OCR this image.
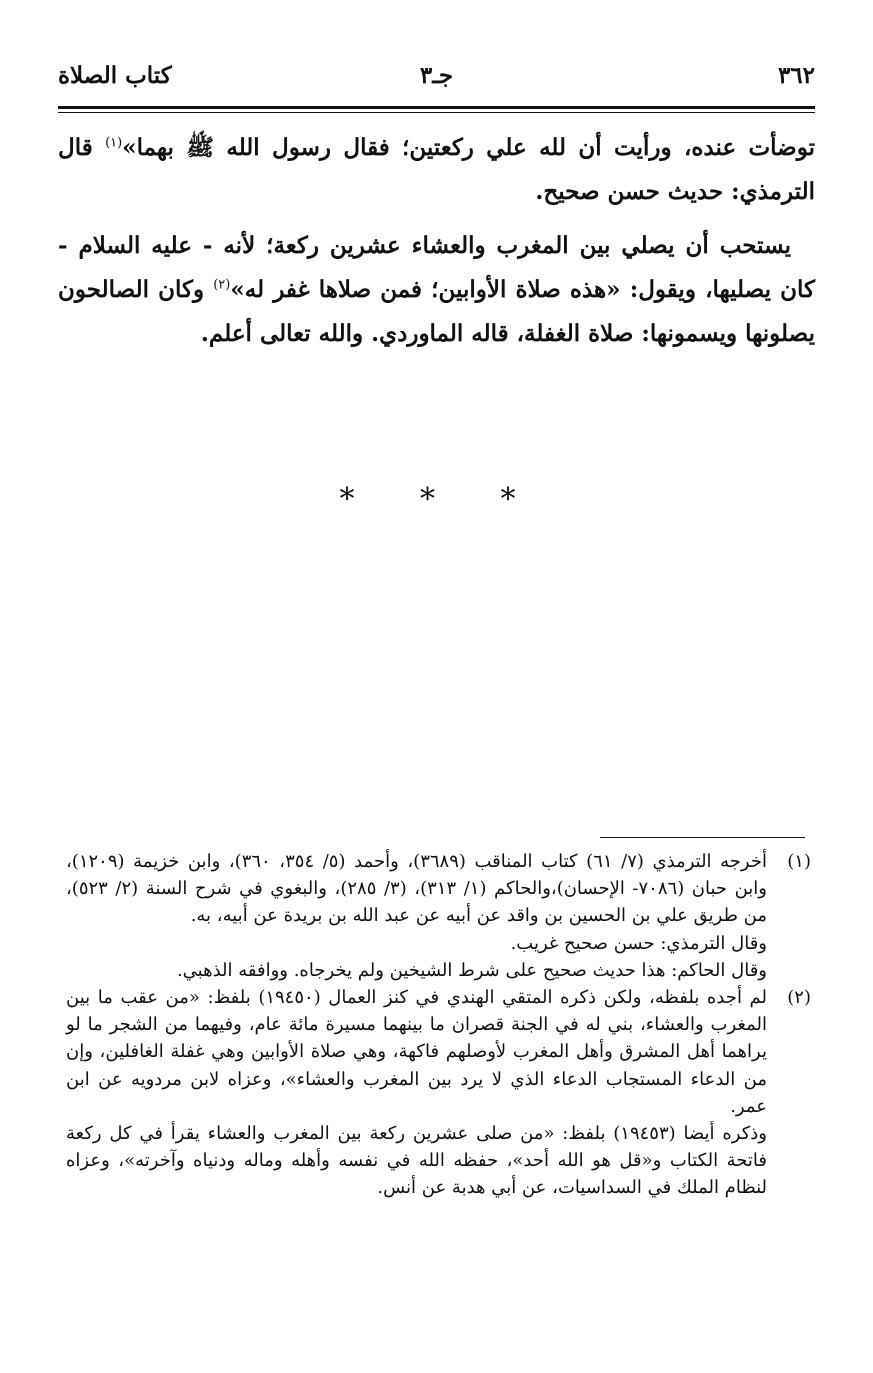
٣٦٢
جـ٣
كتاب الصلاة

توضأت عنده، ورأيت أن لله علي ركعتين؛ فقال رسول الله ﷺ بهما»$^{(١)}$ قال الترمذي: حديث حسن صحيح.

يستحب أن يصلي بين المغرب والعشاء عشرين ركعة؛ لأنه - عليه السلام - كان يصليها، ويقول: «هذه صلاة الأوابين؛ فمن صلاها غفر له»$^{(٢)}$ وكان الصالحون يصلونها ويسمونها: صلاة الغفلة، قاله الماوردي. والله تعالى أعلم.

* * *
(١)

أخرجه الترمذي (٧/ ٦١) كتاب المناقب (٣٦٨٩)، وأحمد (٥/ ٣٥٤، ٣٦٠)، وابن خزيمة (١٢٠٩)، وابن حبان (٧٠٨٦- الإحسان)،والحاكم (١/ ٣١٣)، (٣/ ٢٨٥)، والبغوي في شرح السنة (٢/ ٥٢٣)، من طريق علي بن الحسين بن واقد عن أبيه عن عبد الله بن بريدة عن أبيه، به.

وقال الترمذي: حسن صحيح غريب.

وقال الحاكم: هذا حديث صحيح على شرط الشيخين ولم يخرجاه. ووافقه الذهبي.

(٢)

لم أجده بلفظه، ولكن ذكره المتقي الهندي في كنز العمال (١٩٤٥٠) بلفظ: «من عقب ما بين المغرب والعشاء، بني له في الجنة قصران ما بينهما مسيرة مائة عام، وفيهما من الشجر ما لو يراهما أهل المشرق وأهل المغرب لأوصلهم فاكهة، وهي صلاة الأوابين وهي غفلة الغافلين، وإن من الدعاء المستجاب الدعاء الذي لا يرد بين المغرب والعشاء»، وعزاه لابن مردويه عن ابن عمر.

وذكره أيضا (١٩٤٥٣) بلفظ: «من صلى عشرين ركعة بين المغرب والعشاء يقرأ في كل ركعة فاتحة الكتاب و«قل هو الله أحد»، حفظه الله في نفسه وأهله وماله ودنياه وآخرته»، وعزاه لنظام الملك في السداسيات، عن أبي هدبة عن أنس.
